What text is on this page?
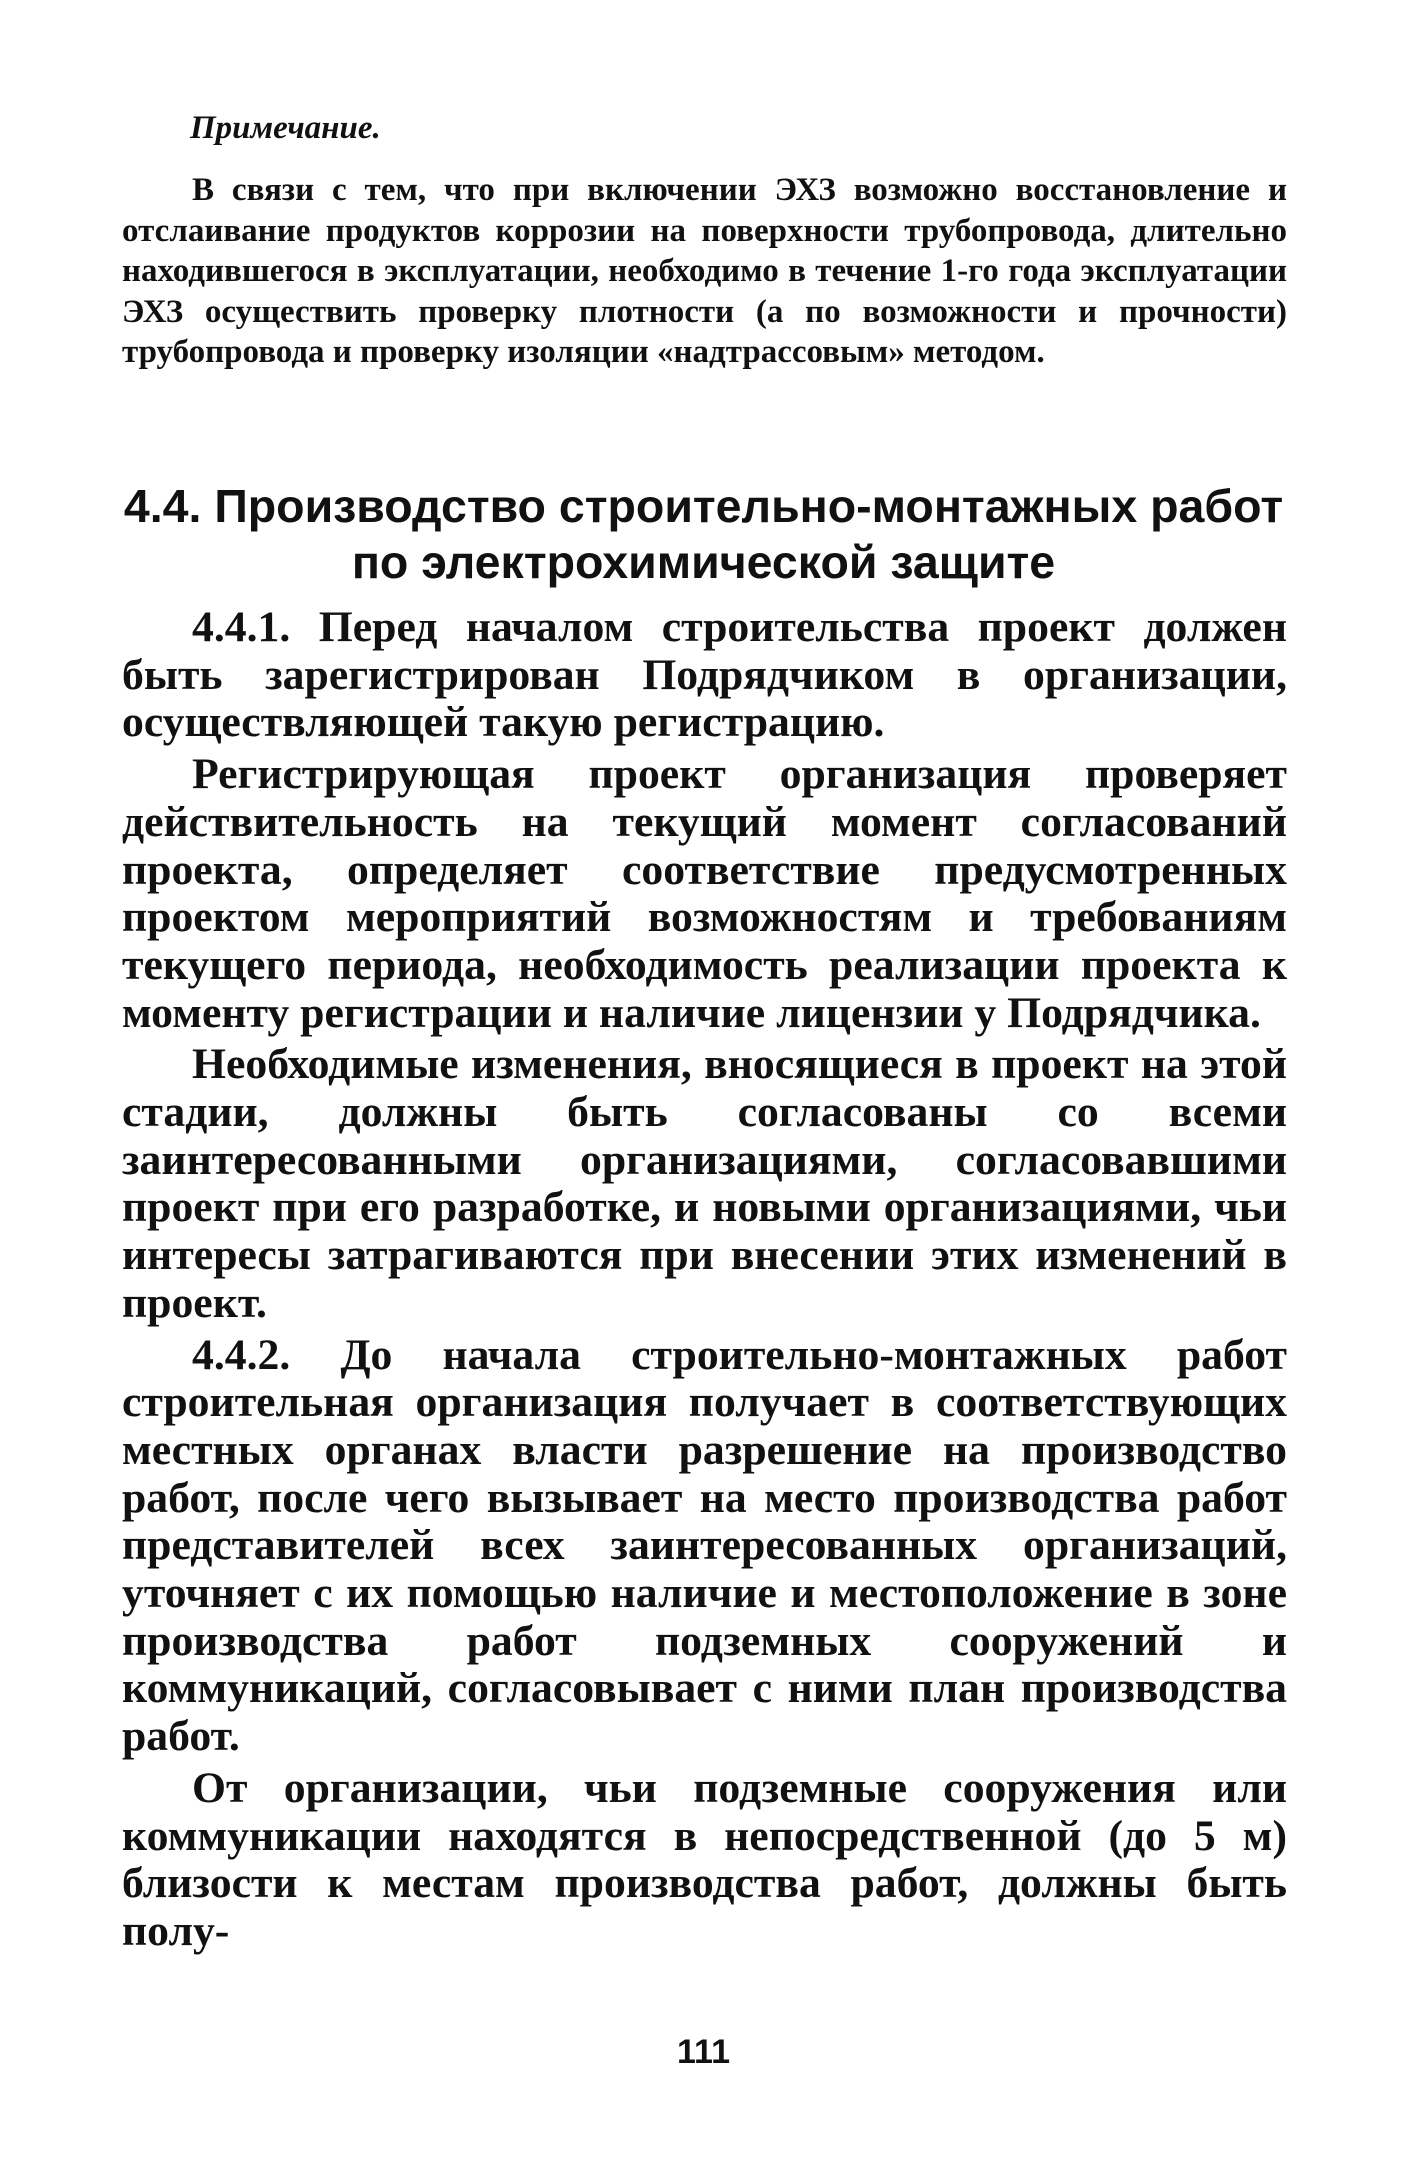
Примечание.

В связи с тем, что при включении ЭХЗ возможно восстановление и отслаивание продуктов коррозии на поверхности трубопровода, длительно находившегося в эксплуатации, необходимо в течение 1-го года эксплуатации ЭХЗ осуществить проверку плотности (а по возможности и прочности) трубопровода и проверку изоляции «надтрассовым» методом.

4.4. Производство строительно-монтажных работ
по электрохимической защите

4.4.1. Перед началом строительства проект должен быть зарегистрирован Подрядчиком в организации, осуществляющей такую регистрацию.

Регистрирующая проект организация проверяет действительность на текущий момент согласований проекта, определяет соответствие предусмотренных проектом мероприятий возможностям и требованиям текущего периода, необходимость реализации проекта к моменту регистрации и наличие лицензии у Подрядчика.

Необходимые изменения, вносящиеся в проект на этой стадии, должны быть согласованы со всеми заинтересованными организациями, согласовавшими проект при его разработке, и новыми организациями, чьи интересы затрагиваются при внесении этих изменений в проект.

4.4.2. До начала строительно-монтажных работ строительная организация получает в соответствующих местных органах власти разрешение на производство работ, после чего вызывает на место производства работ представителей всех заинтересованных организаций, уточняет с их помощью наличие и местоположение в зоне производства работ подземных сооружений и коммуникаций, согласовывает с ними план производства работ.

От организации, чьи подземные сооружения или коммуникации находятся в непосредственной (до 5 м) близости к местам производства работ, должны быть полу-

111
